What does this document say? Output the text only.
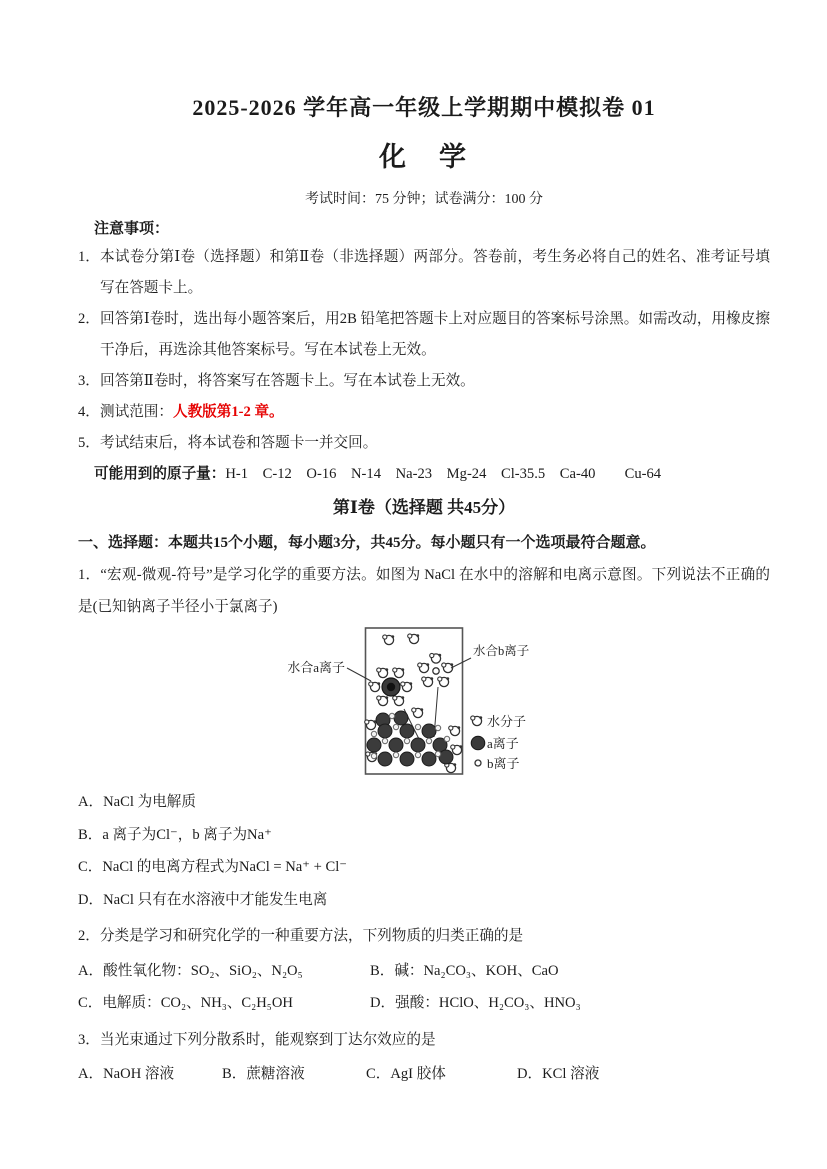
2025-2026 学年高一年级上学期期中模拟卷 01
化　学
考试时间：75 分钟；试卷满分：100 分
注意事项：
1． 本试卷分第Ⅰ卷（选择题）和第Ⅱ卷（非选择题）两部分。答卷前，考生务必将自己的姓名、准考证号填写在答题卡上。
2． 回答第Ⅰ卷时，选出每小题答案后，用2B 铅笔把答题卡上对应题目的答案标号涂黑。如需改动，用橡皮擦干净后，再选涂其他答案标号。写在本试卷上无效。
3． 回答第Ⅱ卷时，将答案写在答题卡上。写在本试卷上无效。
4． 测试范围：人教版第1-2 章。
5． 考试结束后，将本试卷和答题卡一并交回。
可能用到的原子量：H-1　C-12　O-16　N-14　Na-23　Mg-24　Cl-35.5　Ca-40　　Cu-64
第Ⅰ卷（选择题 共45分）
一、选择题：本题共15个小题，每小题3分，共45分。每小题只有一个选项最符合题意。
1．“宏观-微观-符号”是学习化学的重要方法。如图为 NaCl 在水中的溶解和电离示意图。下列说法不正确的是(已知钠离子半径小于氯离子)
水合a离子
水合b离子
水分子
a离子
b离子
A．NaCl 为电解质
B．a 离子为Cl⁻，b 离子为Na⁺
C．NaCl 的电离方程式为NaCl = Na⁺ + Cl⁻
D．NaCl 只有在水溶液中才能发生电离
2．分类是学习和研究化学的一种重要方法，下列物质的归类正确的是
A．酸性氧化物：SO₂、SiO₂、N₂O₅	B．碱：Na₂CO₃、KOH、CaO
C．电解质：CO₂、NH₃、C₂H₅OH	D．强酸：HClO、H₂CO₃、HNO₃
3．当光束通过下列分散系时，能观察到丁达尔效应的是
A．NaOH 溶液	B．蔗糖溶液	C．AgI 胶体	D．KCl 溶液
